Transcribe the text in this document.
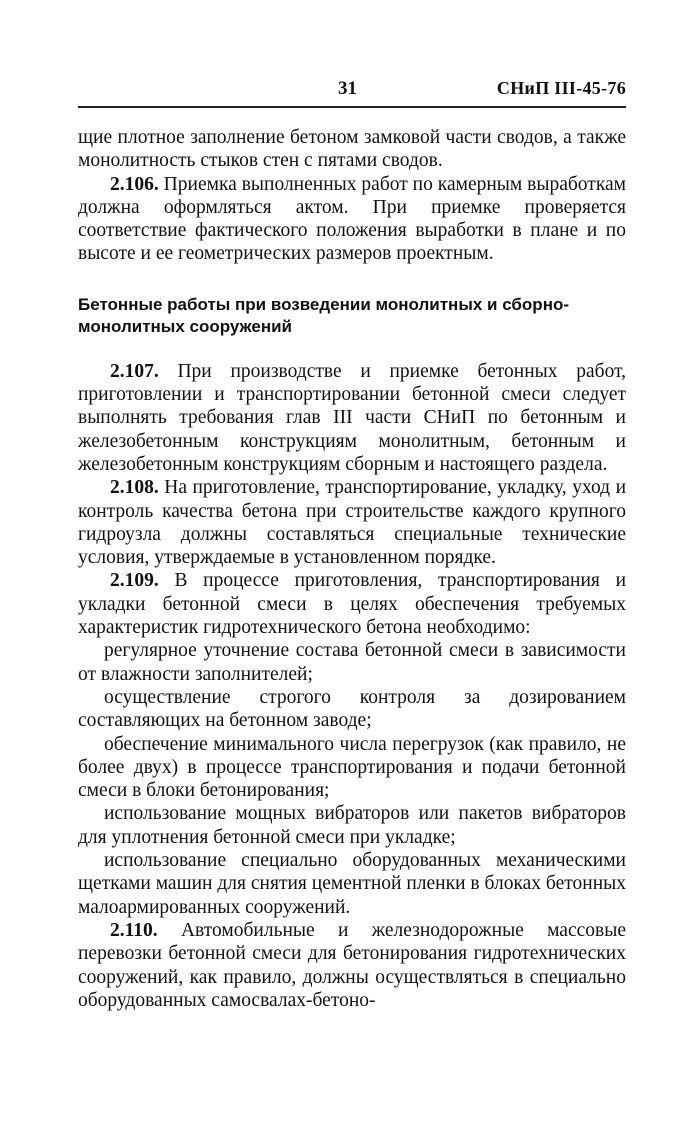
31	СНиП III-45-76

щие плотное заполнение бетоном замковой части сводов, а также монолитность стыков стен с пятами сводов.

2.106. Приемка выполненных работ по камерным выработкам должна оформляться актом. При приемке проверяется соответствие фактического положения выработки в плане и по высоте и ее геометрических размеров проектным.

Бетонные работы при возведении монолитных и сборно-монолитных сооружений

2.107. При производстве и приемке бетонных работ, приготовлении и транспортировании бетонной смеси следует выполнять требования глав III части СНиП по бетонным и железобетонным конструкциям монолитным, бетонным и железобетонным конструкциям сборным и настоящего раздела.

2.108. На приготовление, транспортирование, укладку, уход и контроль качества бетона при строительстве каждого крупного гидроузла должны составляться специальные технические условия, утверждаемые в установленном порядке.

2.109. В процессе приготовления, транспортирования и укладки бетонной смеси в целях обеспечения требуемых характеристик гидротехнического бетона необходимо:

регулярное уточнение состава бетонной смеси в зависимости от влажности заполнителей;

осуществление строгого контроля за дозированием составляющих на бетонном заводе;

обеспечение минимального числа перегрузок (как правило, не более двух) в процессе транспортирования и подачи бетонной смеси в блоки бетонирования;

использование мощных вибраторов или пакетов вибраторов для уплотнения бетонной смеси при укладке;

использование специально оборудованных механическими щетками машин для снятия цементной пленки в блоках бетонных малоармированных сооружений.

2.110. Автомобильные и железнодорожные массовые перевозки бетонной смеси для бетонирования гидротехнических сооружений, как правило, должны осуществляться в специально оборудованных самосвалах-бетоно-
